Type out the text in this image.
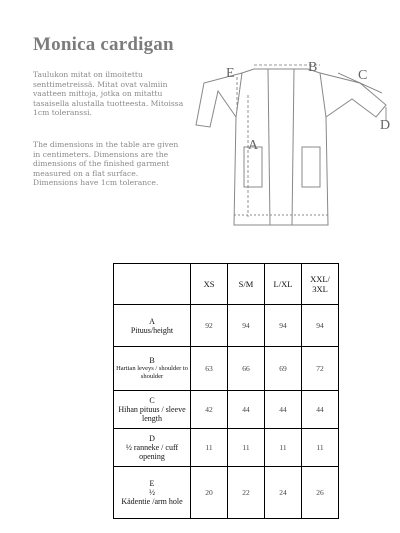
Monica cardigan
Taulukon mitat on ilmoitettu
senttimetreissä. Mitat ovat valmiin
vaatteen mittoja, jotka on mitattu
tasaisella alustalla tuotteesta. Mitoissa
1cm toleranssi.
The dimensions in the table are given
in centimeters. Dimensions are the
dimensions of the finished garment
measured on a flat surface.
Dimensions have 1cm tolerance.
E	B
C
D
A
	XS	S/M	L/XL	XXL/
3XL

A
Pituus/height	92	94	94	94

B
Hartian leveys / shoulder to shoulder	63	66	69	72

C
Hihan pituus / sleeve length	42	44	44	44

D
½ ranneke / cuff opening	11	11	11	11

E
½
Kädentie /arm hole	20	22	24	26
